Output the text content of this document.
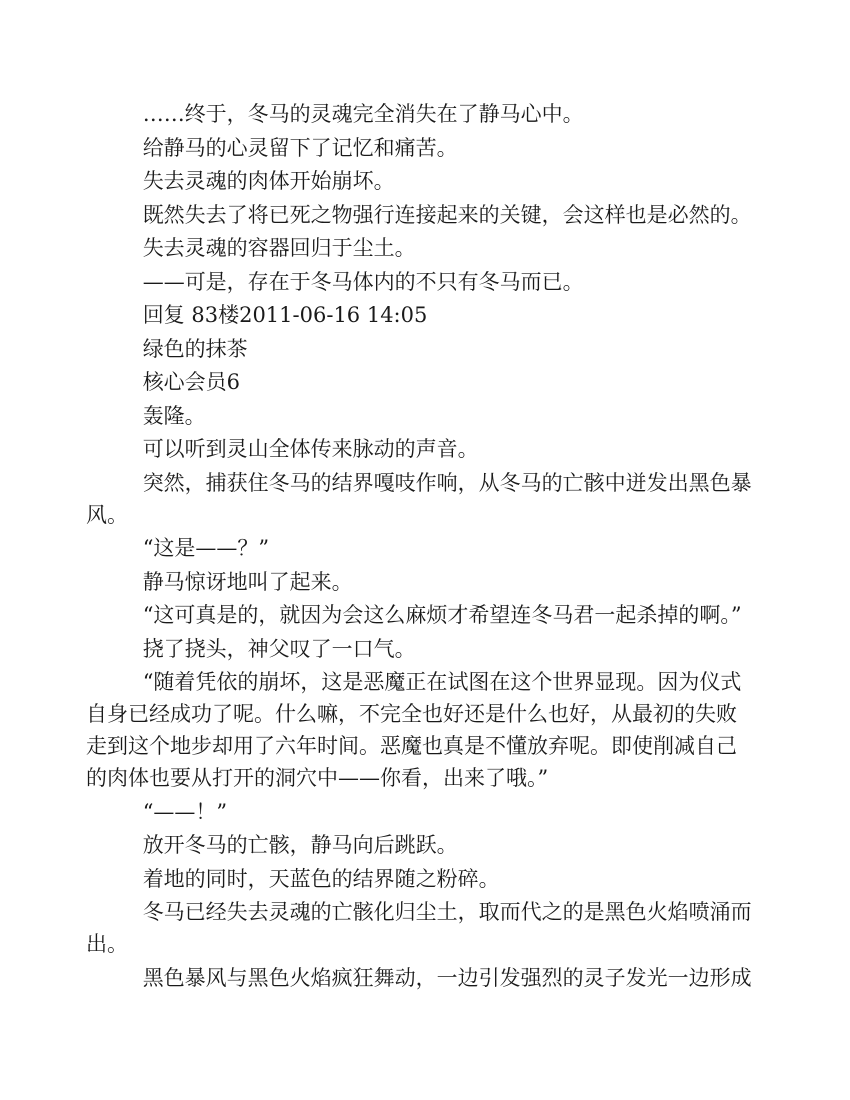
……终于，冬马的灵魂完全消失在了静马心中。

给静马的心灵留下了记忆和痛苦。

失去灵魂的肉体开始崩坏。

既然失去了将已死之物强行连接起来的关键，会这样也是必然的。

失去灵魂的容器回归于尘土。

——可是，存在于冬马体内的不只有冬马而已。

回复 83楼2011-06-16 14:05

绿色的抹茶

核心会员6

轰隆。

可以听到灵山全体传来脉动的声音。

突然，捕获住冬马的结界嘎吱作响，从冬马的亡骸中迸发出黑色暴风。

“这是——？”

静马惊讶地叫了起来。

“这可真是的，就因为会这么麻烦才希望连冬马君一起杀掉的啊。”

挠了挠头，神父叹了一口气。

“随着凭依的崩坏，这是恶魔正在试图在这个世界显现。因为仪式自身已经成功了呢。什么嘛，不完全也好还是什么也好，从最初的失败走到这个地步却用了六年时间。恶魔也真是不懂放弃呢。即使削减自己的肉体也要从打开的洞穴中——你看，出来了哦。”

“——！”

放开冬马的亡骸，静马向后跳跃。

着地的同时，天蓝色的结界随之粉碎。

冬马已经失去灵魂的亡骸化归尘土，取而代之的是黑色火焰喷涌而出。

黑色暴风与黑色火焰疯狂舞动，一边引发强烈的灵子发光一边形成
